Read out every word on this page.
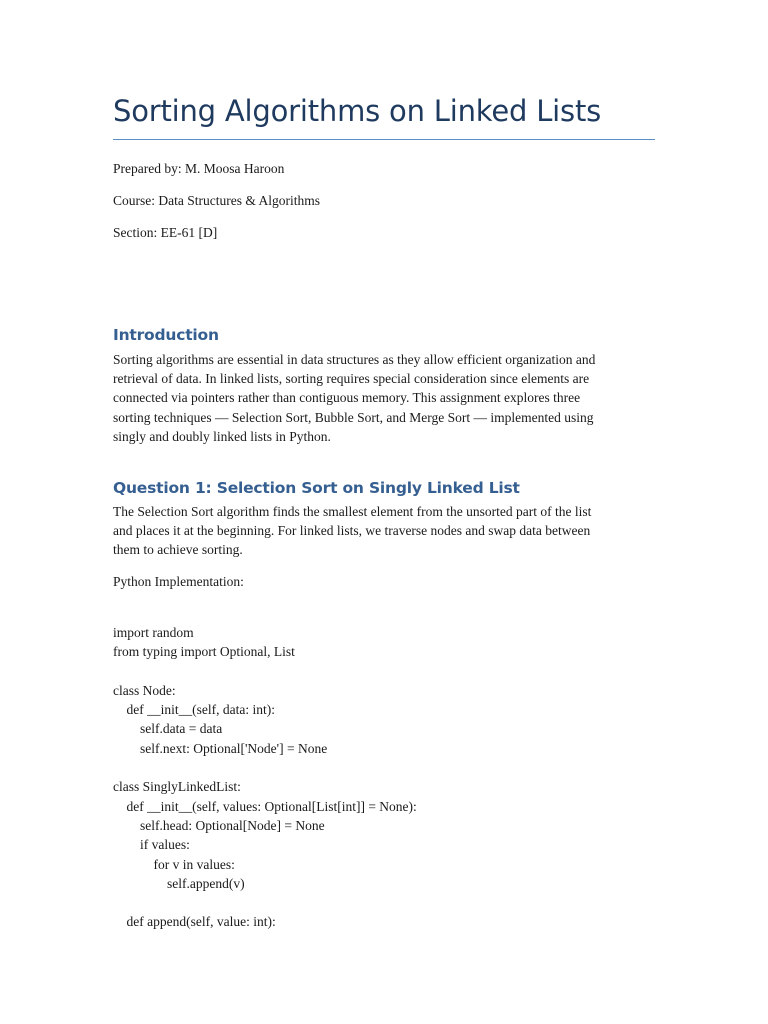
Sorting Algorithms on Linked Lists

Prepared by: M. Moosa Haroon

Course: Data Structures & Algorithms

Section: EE-61 [D]

Introduction
Sorting algorithms are essential in data structures as they allow efficient organization and
retrieval of data. In linked lists, sorting requires special consideration since elements are
connected via pointers rather than contiguous memory. This assignment explores three
sorting techniques — Selection Sort, Bubble Sort, and Merge Sort — implemented using
singly and doubly linked lists in Python.
Question 1: Selection Sort on Singly Linked List
The Selection Sort algorithm finds the smallest element from the unsorted part of the list
and places it at the beginning. For linked lists, we traverse nodes and swap data between
them to achieve sorting.

Python Implementation:

import random
from typing import Optional, List
class Node:
def __init__(self, data: int):
self.data = data
self.next: Optional['Node'] = None
class SinglyLinkedList:
def __init__(self, values: Optional[List[int]] = None):
self.head: Optional[Node] = None
if values:
for v in values:
self.append(v)
def append(self, value: int):
